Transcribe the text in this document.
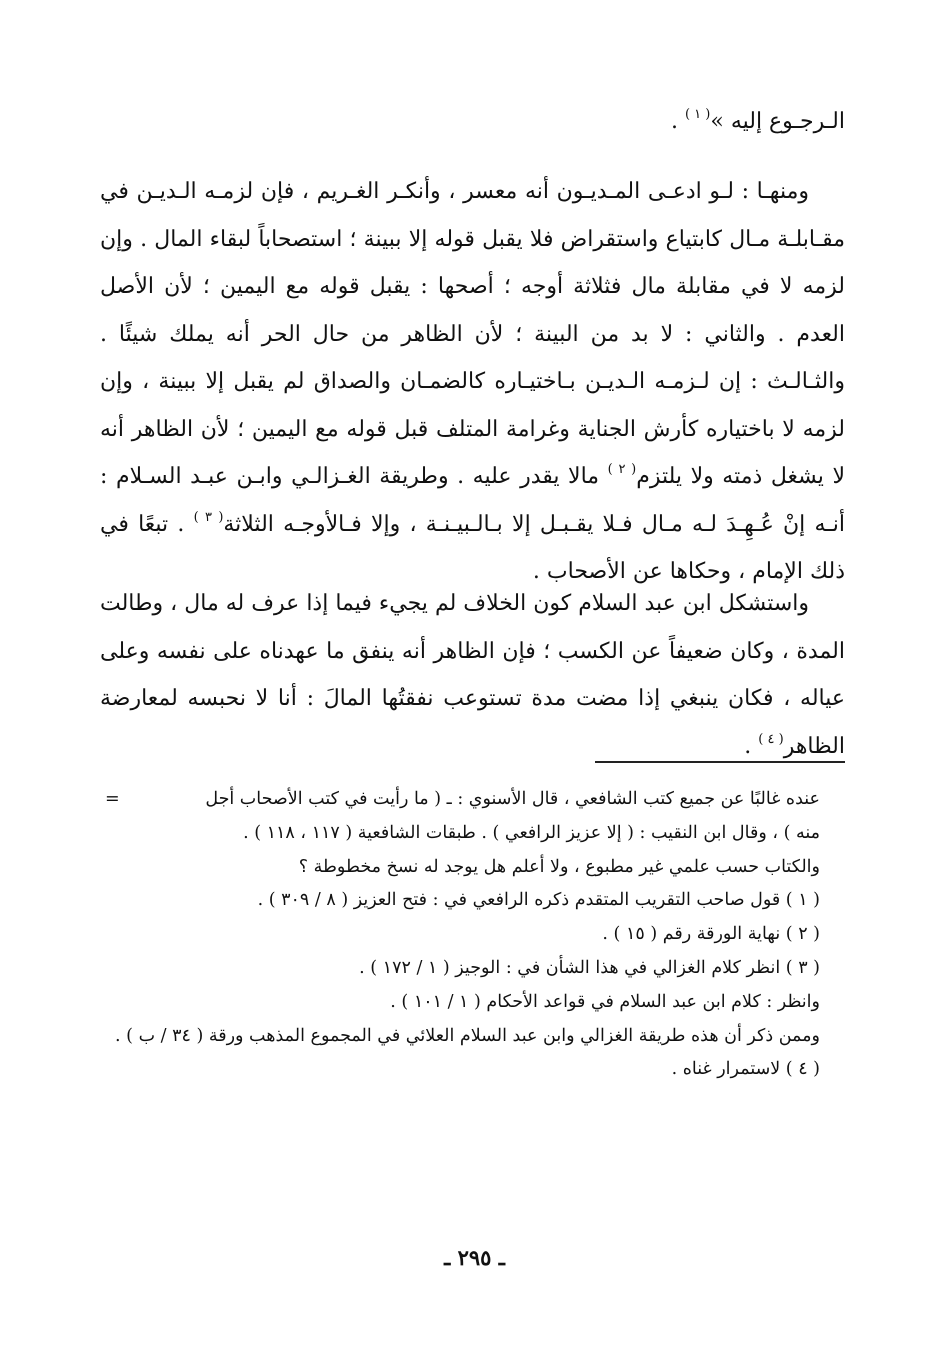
الـرجـوع إليه »$^{( ١ )}$ .

ومنهـا : لـو ادعـى المـديـون أنه معسر ، وأنكـر الغـريم ، فإن لزمـه الـديـن في مقـابلـة مـال كابتياع واستقراض فلا يقبل قوله إلا ببينة ؛ استصحاباً لبقاء المال . وإن لزمه لا في مقابلة مال فثلاثة أوجه ؛ أصحها : يقبل قوله مع اليمين ؛ لأن الأصل العدم . والثاني : لا بد من البينة ؛ لأن الظاهر من حال الحر أنه يملك شيئًا . والثـالـث : إن لـزمـه الـديـن بـاختيـاره كالضمـان والصداق لم يقبل إلا ببينة ، وإن لزمه لا باختياره كأرش الجناية وغرامة المتلف قبل قوله مع اليمين ؛ لأن الظاهر أنه لا يشغل ذمته ولا يلتزم$^{( ٢ )}$ مالا يقدر عليه . وطريقة الغـزالـي وابـن عبـد السـلام : أنـه إنْ عُـهِـدَ لـه مـال فـلا يقـبـل إلا بـالـبيـنـة ، وإلا فـالأوجـه الثلاثة$^{( ٣ )}$ . تبعًا في ذلك الإمام ، وحكاها عن الأصحاب .

واستشكل ابن عبد السلام كون الخلاف لم يجيء فيما إذا عرف له مال ، وطالت المدة ، وكان ضعيفاً عن الكسب ؛ فإن الظاهر أنه ينفق ما عهدناه على نفسه وعلى عياله ، فكان ينبغي إذا مضت مدة تستوعب نفقتُها المالَ : أنا لا نحبسه لمعارضة الظاهر$^{( ٤ )}$ .

عنده غالبًا عن جميع كتب الشافعي ، قال الأسنوي : ـ ( ما رأيت في كتب الأصحاب أجل
=
منه ) ، وقال ابن النقيب : ( إلا عزيز الرافعي ) . طبقات الشافعية ( ١١٧ ، ١١٨ ) .
والكتاب حسب علمي غير مطبوع ، ولا أعلم هل يوجد له نسخ مخطوطة ؟
( ١ ) قول صاحب التقريب المتقدم ذكره الرافعي في : فتح العزيز ( ٨ / ٣٠٩ ) .
( ٢ ) نهاية الورقة رقم ( ١٥ ) .
( ٣ ) انظر كلام الغزالي في هذا الشأن في : الوجيز ( ١ / ١٧٢ ) .
وانظر : كلام ابن عبد السلام في قواعد الأحكام ( ١ / ١٠١ ) .
وممن ذكر أن هذه طريقة الغزالي وابن عبد السلام العلائي في المجموع المذهب ورقة ( ٣٤ / ب ) .
( ٤ ) لاستمرار غناه .
ـ ٢٩٥ ـ
